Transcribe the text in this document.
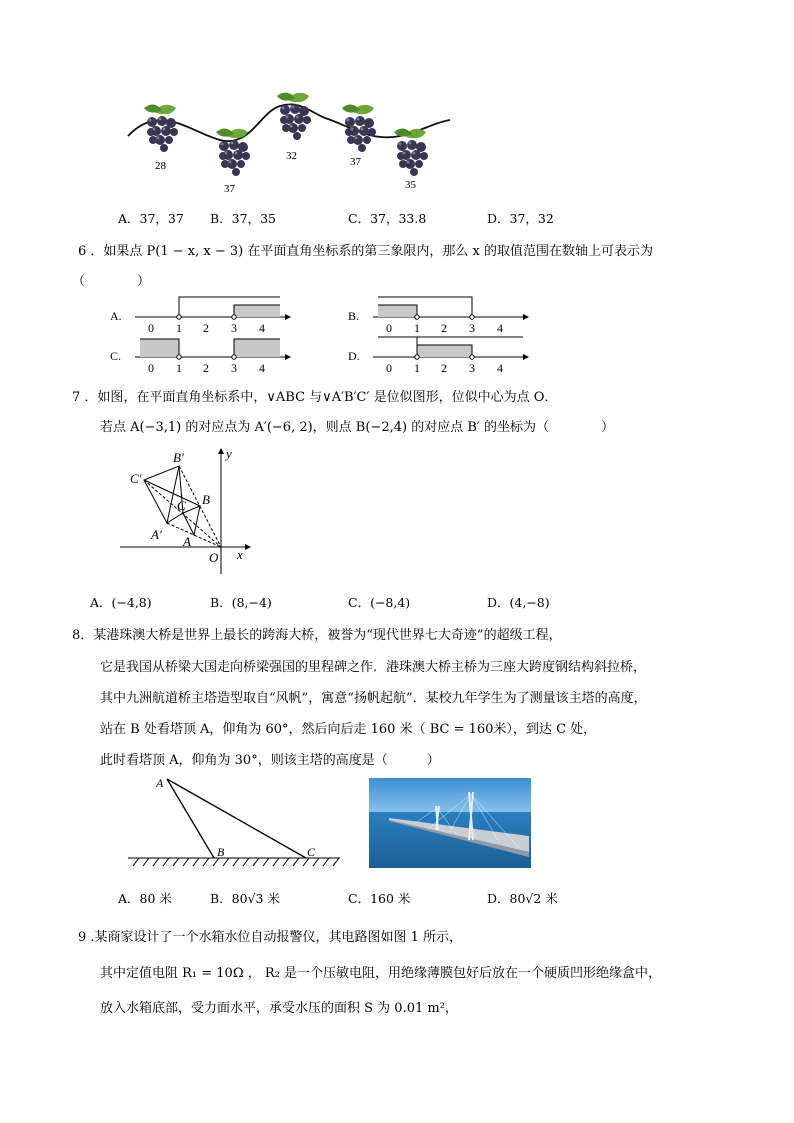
28
37
32	37
35
A．37，37 B．37，35	C．37，33.8	D．37，32
6 ．如果点 P(1 − x, x − 3) 在平面直角坐标系的第三象限内，那么 x 的取值范围在数轴上可表示为
（　　　　）
A.
0 1 2 3 4
B.
0 1 2 3 4
C.
0 1 2 3 4
D.
0 1 2 3 4
7 ．如图，在平面直角坐标系中，∨ABC 与∨A′B′C′ 是位似图形，位似中心为点 O．
若点 A(−3,1) 的对应点为 A′(−6, 2)，则点 B(−2,4) 的对应点 B′ 的坐标为（　　　　）
B′
C′
A′
B
C
A
O x
y
A．(−4,8)	B．(8,−4)	C．(−8,4)	D．(4,−8)
8．某港珠澳大桥是世界上最长的跨海大桥，被誉为“现代世界七大奇迹”的超级工程，
它是我国从桥梁大国走向桥梁强国的里程碑之作．港珠澳大桥主桥为三座大跨度钢结构斜拉桥，
其中九洲航道桥主塔造型取自“风帆”，寓意“扬帆起航”．某校九年学生为了测量该主塔的高度，
站在 B 处看塔顶 A，仰角为 60°，然后向后走 160 米（ BC = 160米），到达 C 处，
此时看塔顶 A，仰角为 30°，则该主塔的高度是（　　　）
A
B	C
A．80 米	B．80√3 米	C．160 米	D．80√2 米
9 .某商家设计了一个水箱水位自动报警仪，其电路图如图 1 所示，
其中定值电阻 R₁ = 10Ω ， R₂ 是一个压敏电阻，用绝缘薄膜包好后放在一个硬质凹形绝缘盒中，
放入水箱底部，受力面水平，承受水压的面积 S 为 0.01 m²，
